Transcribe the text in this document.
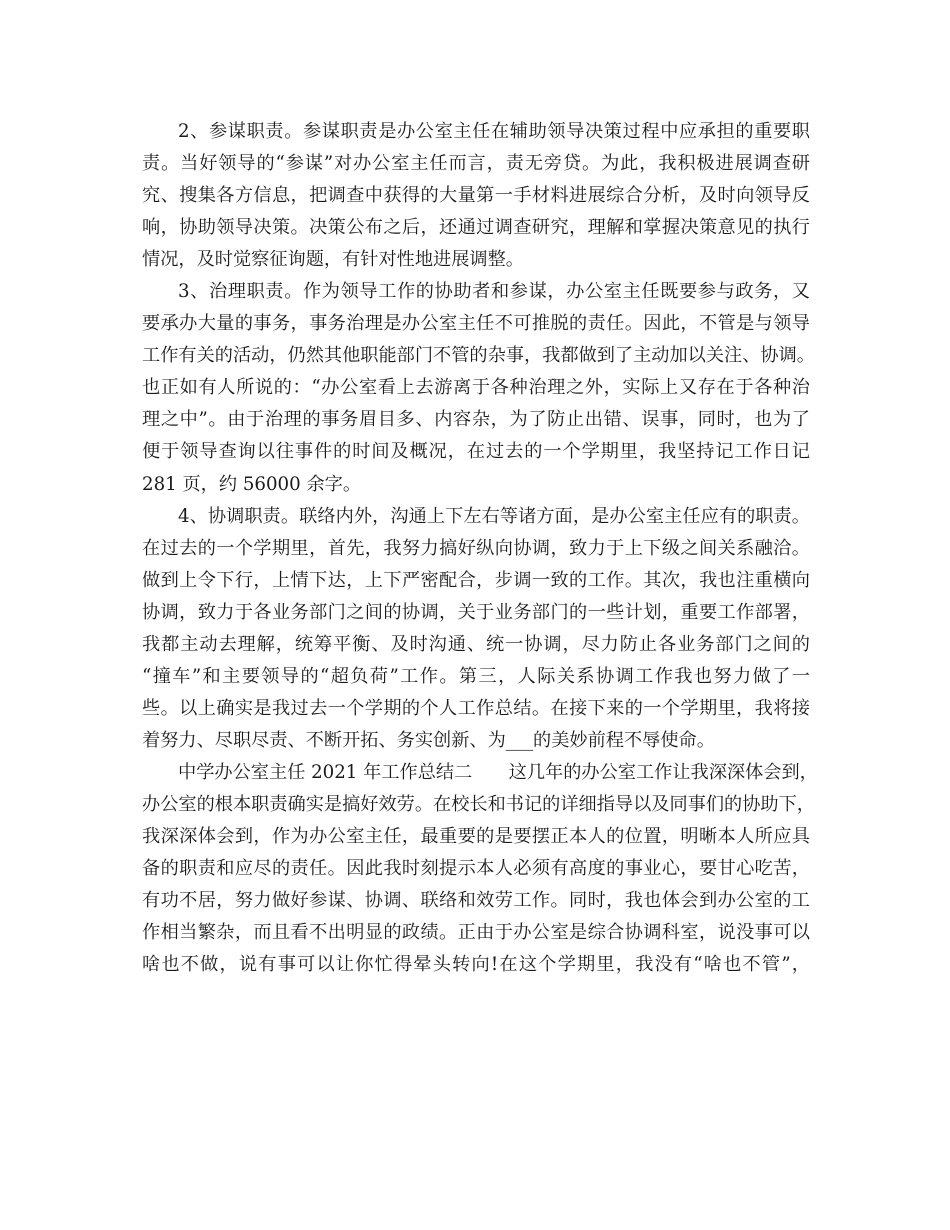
2、参谋职责。参谋职责是办公室主任在辅助领导决策过程中应承担的重要职
责。当好领导的“参谋”对办公室主任而言，责无旁贷。为此，我积极进展调查研
究、搜集各方信息，把调查中获得的大量第一手材料进展综合分析，及时向领导反
响，协助领导决策。决策公布之后，还通过调查研究，理解和掌握决策意见的执行
情况，及时觉察征询题，有针对性地进展调整。
3、治理职责。作为领导工作的协助者和参谋，办公室主任既要参与政务，又
要承办大量的事务，事务治理是办公室主任不可推脱的责任。因此，不管是与领导
工作有关的活动，仍然其他职能部门不管的杂事，我都做到了主动加以关注、协调。
也正如有人所说的：“办公室看上去游离于各种治理之外，实际上又存在于各种治
理之中”。由于治理的事务眉目多、内容杂，为了防止出错、误事，同时，也为了
便于领导查询以往事件的时间及概况，在过去的一个学期里，我坚持记工作日记
281 页，约 56000 余字。
4、协调职责。联络内外，沟通上下左右等诸方面，是办公室主任应有的职责。
在过去的一个学期里，首先，我努力搞好纵向协调，致力于上下级之间关系融洽。
做到上令下行，上情下达，上下严密配合，步调一致的工作。其次，我也注重横向
协调，致力于各业务部门之间的协调，关于业务部门的一些计划，重要工作部署，
我都主动去理解，统筹平衡、及时沟通、统一协调，尽力防止各业务部门之间的
“撞车”和主要领导的“超负荷”工作。第三，人际关系协调工作我也努力做了一
些。以上确实是我过去一个学期的个人工作总结。在接下来的一个学期里，我将接
着努力、尽职尽责、不断开拓、务实创新、为___的美妙前程不辱使命。
中学办公室主任 2021 年工作总结二　　这几年的办公室工作让我深深体会到，
办公室的根本职责确实是搞好效劳。在校长和书记的详细指导以及同事们的协助下，
我深深体会到，作为办公室主任，最重要的是要摆正本人的位置，明晰本人所应具
备的职责和应尽的责任。因此我时刻提示本人必须有高度的事业心，要甘心吃苦，
有功不居，努力做好参谋、协调、联络和效劳工作。同时，我也体会到办公室的工
作相当繁杂，而且看不出明显的政绩。正由于办公室是综合协调科室，说没事可以
啥也不做，说有事可以让你忙得晕头转向!在这个学期里，我没有“啥也不管”，
